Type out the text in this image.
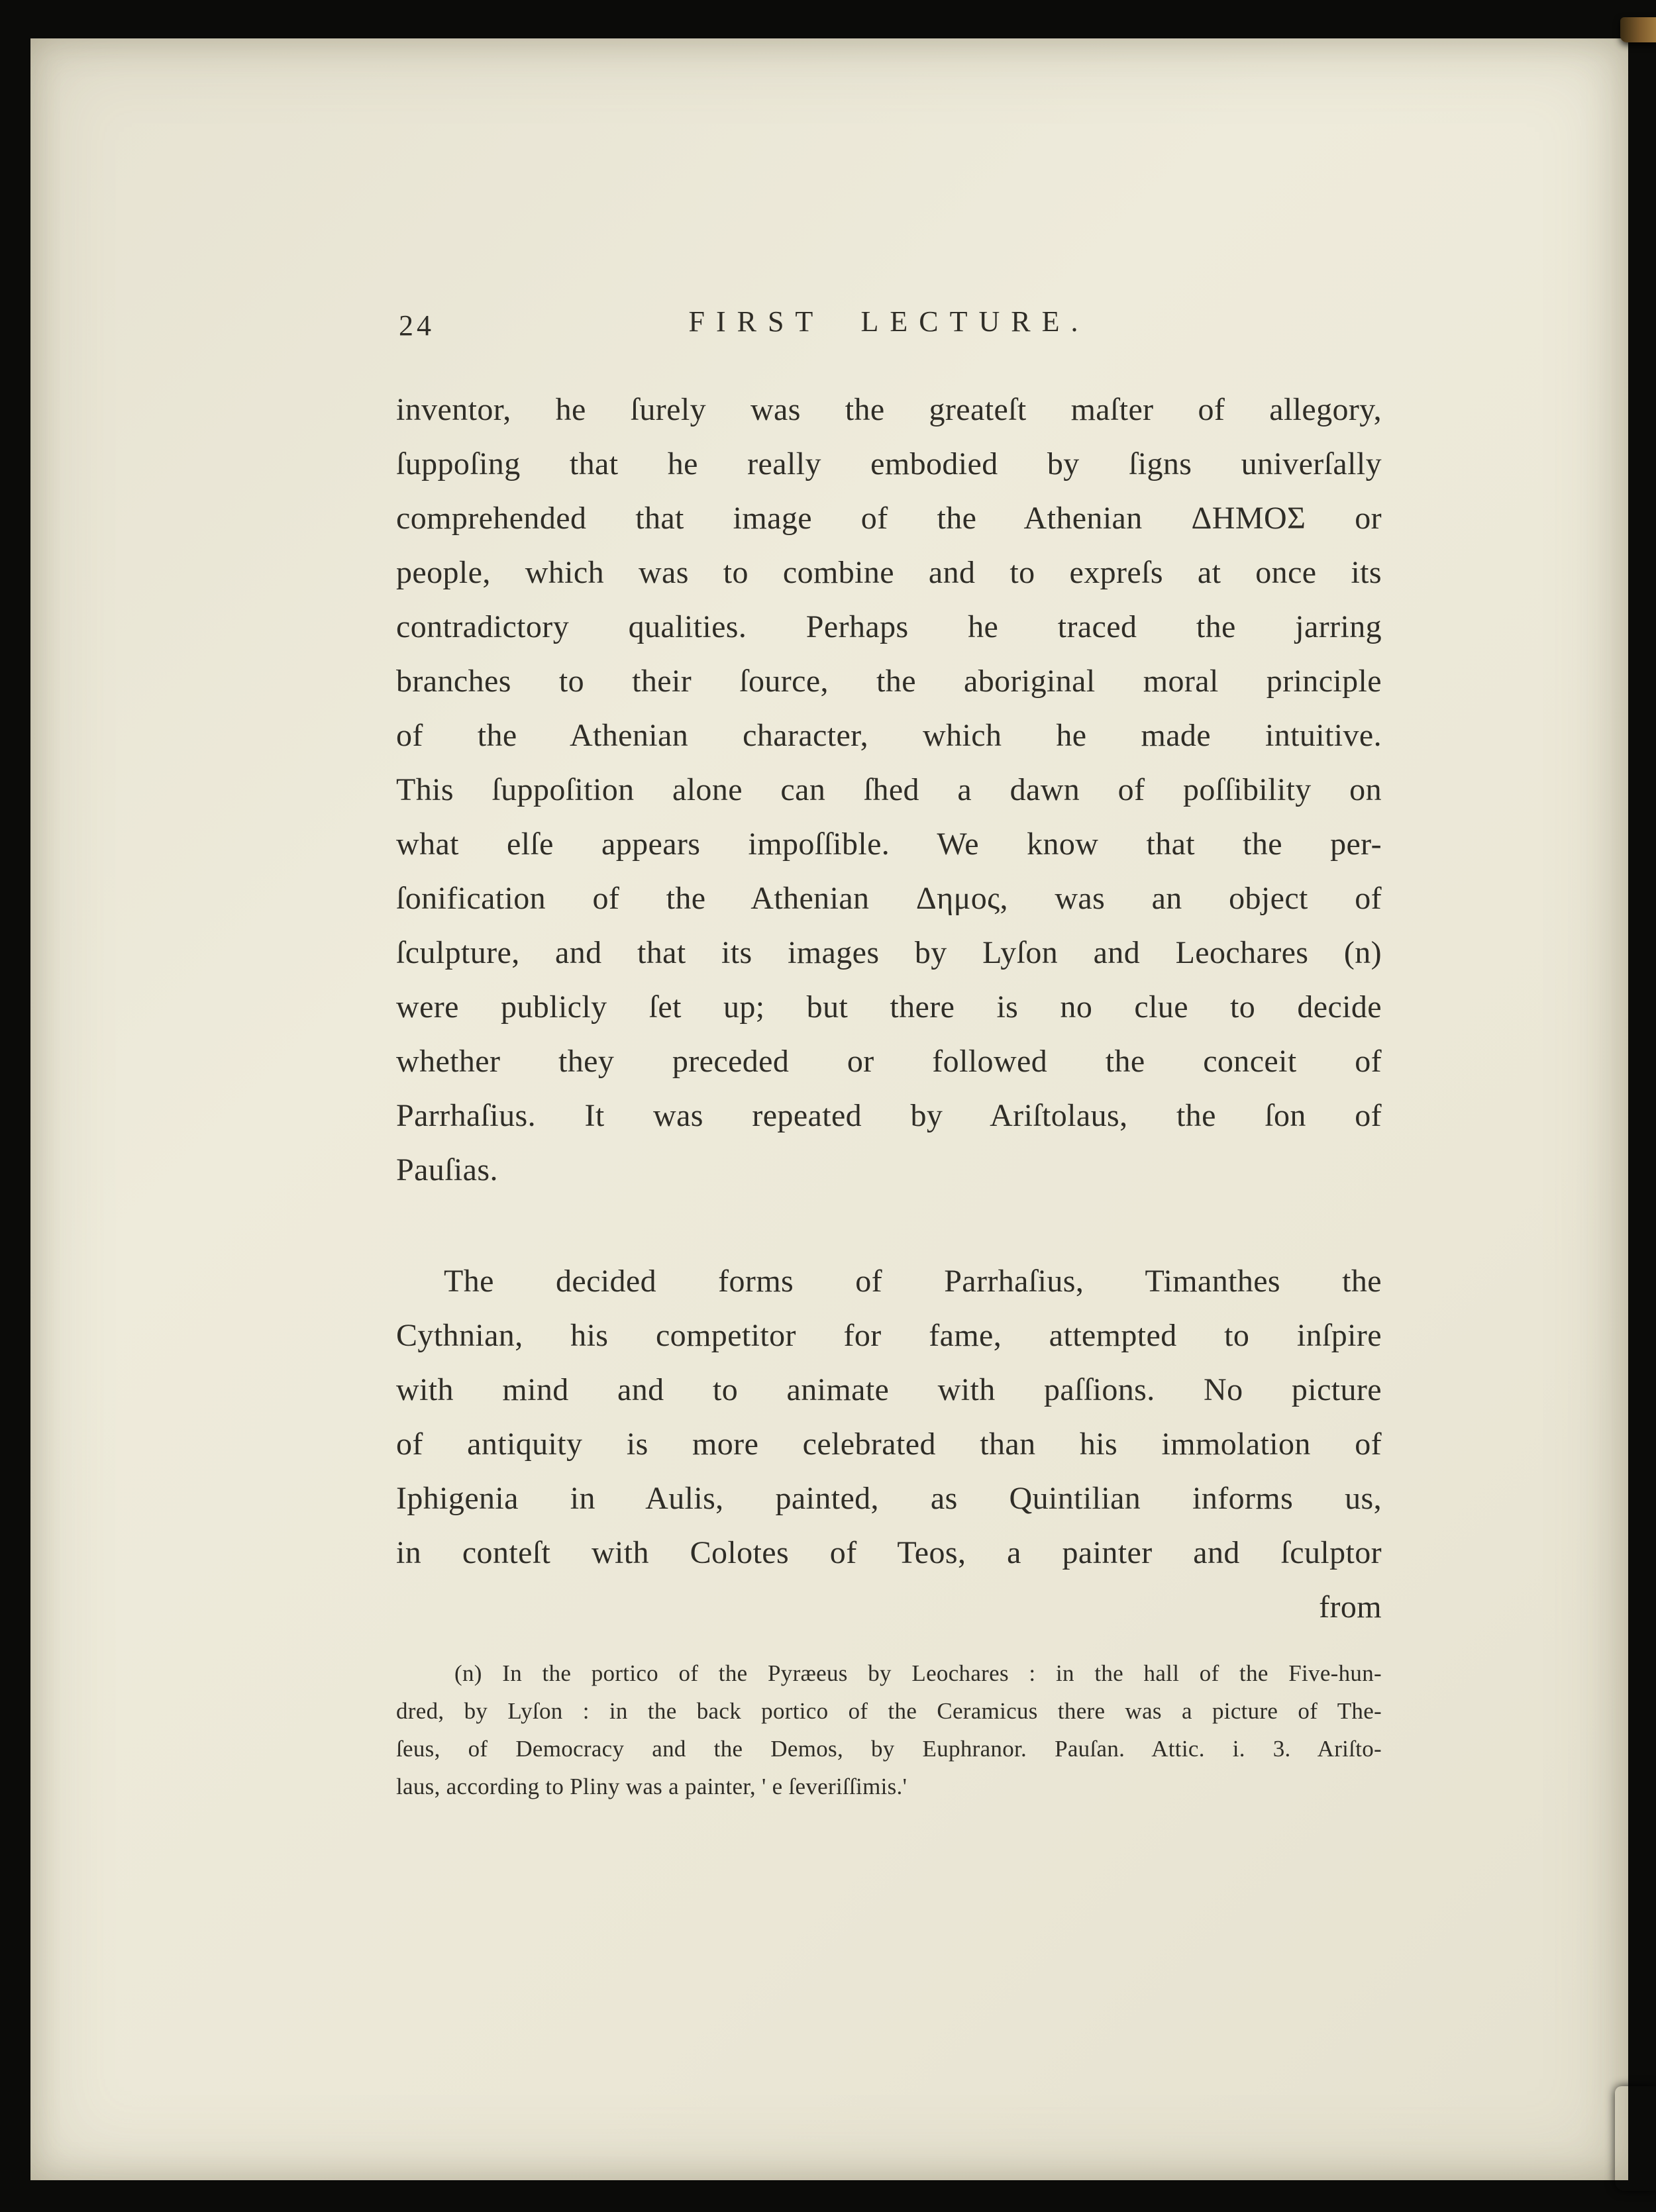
24	FIRST LECTURE.
inventor, he ſurely was the greateſt maſter of allegory,
ſuppoſing that he really embodied by ſigns univerſally
comprehended that image of the Athenian ΔΗΜΟΣ or
people, which was to combine and to expreſs at once its
contradictory qualities. Perhaps he traced the jarring
branches to their ſource, the aboriginal moral principle
of the Athenian character, which he made intuitive.
This ſuppoſition alone can ſhed a dawn of poſſibility on
what elſe appears impoſſible. We know that the per-
ſonification of the Athenian Δημος, was an object of
ſculpture, and that its images by Lyſon and Leochares (n)
were publicly ſet up; but there is no clue to decide
whether they preceded or followed the conceit of
Parrhaſius. It was repeated by Ariſtolaus, the ſon of
Pauſias.
The decided forms of Parrhaſius, Timanthes the
Cythnian, his competitor for fame, attempted to inſpire
with mind and to animate with paſſions. No picture
of antiquity is more celebrated than his immolation of
Iphigenia in Aulis, painted, as Quintilian informs us,
in conteſt with Colotes of Teos, a painter and ſculptor
from
(n) In the portico of the Pyræeus by Leochares : in the hall of the Five-hun-
dred, by Lyſon : in the back portico of the Ceramicus there was a picture of The-
ſeus, of Democracy and the Demos, by Euphranor. Pauſan. Attic. i. 3. Ariſto-
laus, according to Pliny was a painter, ' e ſeveriſſimis.'
